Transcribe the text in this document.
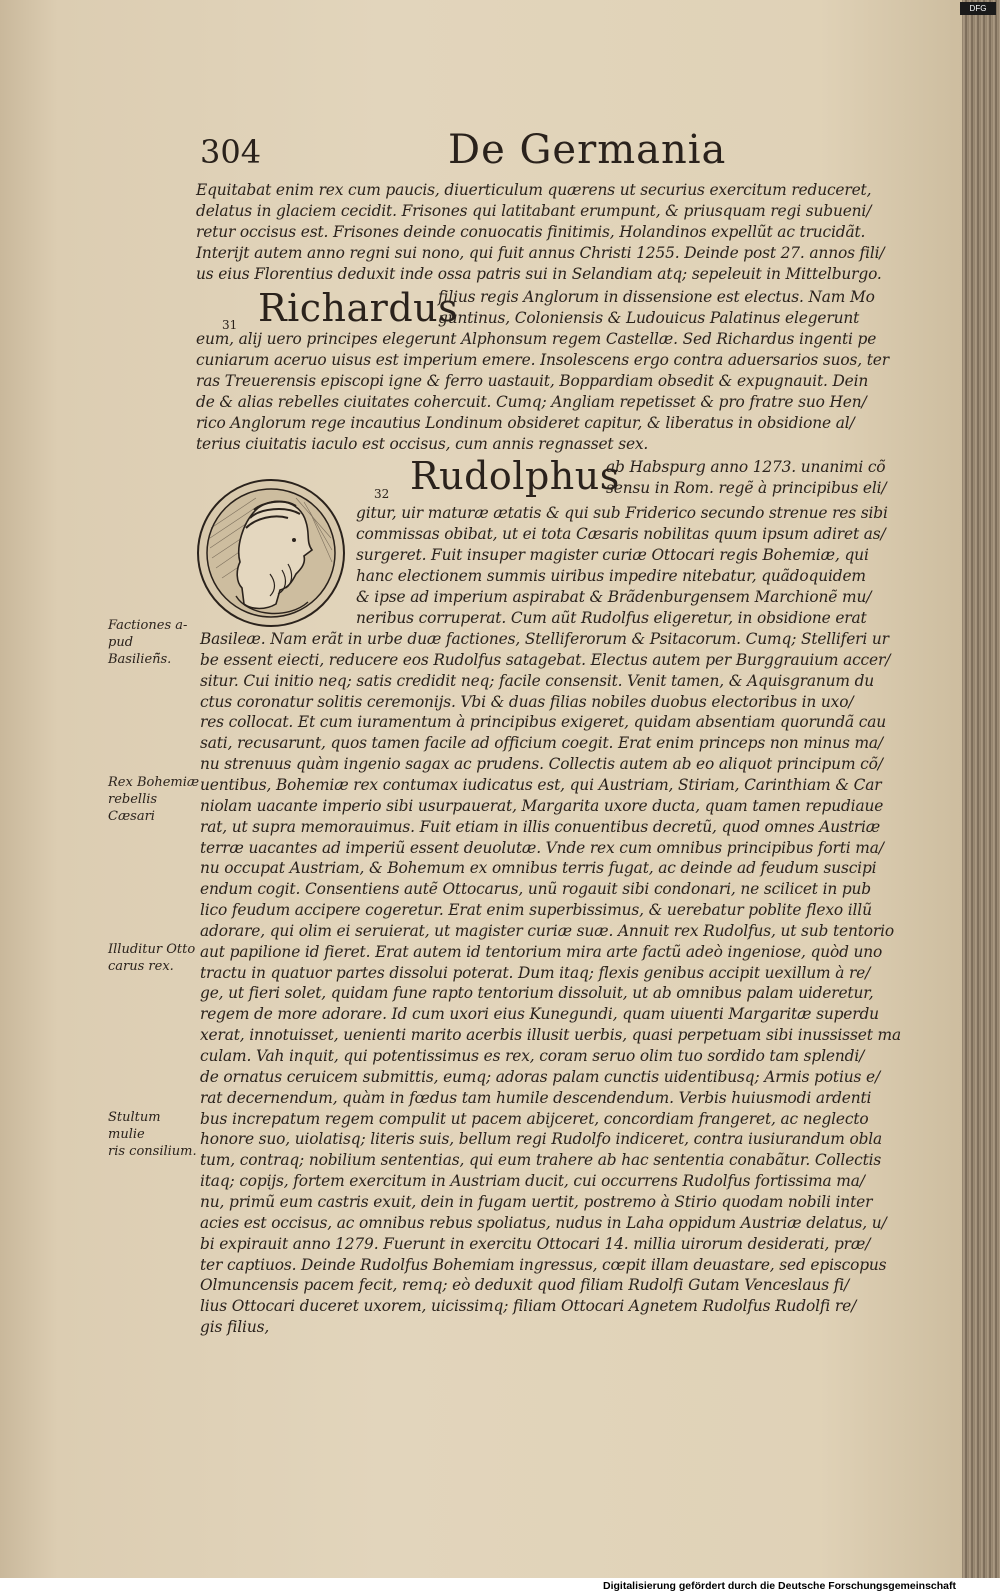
304	De Germania
Equitabat enim rex cum paucis, diuerticulum quærens ut securius exercitum reduceret,
delatus in glaciem cecidit. Frisones qui latitabant erumpunt, & priusquam regi subueni/
retur occisus est. Frisones deinde conuocatis finitimis, Holandinos expellũt ac trucidãt.
Interijt autem anno regni sui nono, qui fuit annus Christi 1255. Deinde post 27. annos fili/
us eius Florentius deduxit inde ossa patris sui in Selandiam atq; sepeleuit in Mittelburgo.
31 Richardus
filius regis Anglorum in dissensione est electus. Nam Mo
guntinus, Coloniensis & Ludouicus Palatinus elegerunt
eum, alij uero principes elegerunt Alphonsum regem Castellæ. Sed Richardus ingenti pe
cuniarum aceruo uisus est imperium emere. Insolescens ergo contra aduersarios suos, ter
ras Treuerensis episcopi igne & ferro uastauit, Boppardiam obsedit & expugnauit. Dein
de & alias rebelles ciuitates cohercuit. Cumq; Angliam repetisset & pro fratre suo Hen/
rico Anglorum rege incautius Londinum obsideret capitur, & liberatus in obsidione al/
terius ciuitatis iaculo est occisus, cum annis regnasset sex.
32 Rudolphus
ab Habspurg anno 1273. unanimi cõ
sensu in Rom. regẽ à principibus eli/
gitur, uir maturæ ætatis & qui sub Friderico secundo strenue res sibi
commissas obibat, ut ei tota Cæsaris nobilitas quum ipsum adiret as/
surgeret. Fuit insuper magister curiæ Ottocari regis Bohemiæ, qui
hanc electionem summis uiribus impedire nitebatur, quãdoquidem
& ipse ad imperium aspirabat & Brãdenburgensem Marchionẽ mu/
neribus corruperat. Cum aũt Rudolfus eligeretur, in obsidione erat
Basileæ. Nam erãt in urbe duæ factiones, Stelliferorum & Psitacorum. Cumq; Stelliferi ur
be essent eiecti, reducere eos Rudolfus satagebat. Electus autem per Burggrauium accer/
situr. Cui initio neq; satis credidit neq; facile consensit. Venit tamen, & Aquisgranum du
ctus coronatur solitis ceremonijs. Vbi & duas filias nobiles duobus electoribus in uxo/
res collocat. Et cum iuramentum à principibus exigeret, quidam absentiam quorundã cau
sati, recusarunt, quos tamen facile ad officium coegit. Erat enim princeps non minus ma/
nu strenuus quàm ingenio sagax ac prudens. Collectis autem ab eo aliquot principum cõ/
uentibus, Bohemiæ rex contumax iudicatus est, qui Austriam, Stiriam, Carinthiam & Car
niolam uacante imperio sibi usurpauerat, Margarita uxore ducta, quam tamen repudiaue
rat, ut supra memorauimus. Fuit etiam in illis conuentibus decretũ, quod omnes Austriæ
terræ uacantes ad imperiũ essent deuolutæ. Vnde rex cum omnibus principibus forti ma/
nu occupat Austriam, & Bohemum ex omnibus terris fugat, ac deinde ad feudum suscipi
endum cogit. Consentiens autẽ Ottocarus, unũ rogauit sibi condonari, ne scilicet in pub
lico feudum accipere cogeretur. Erat enim superbissimus, & uerebatur poblite flexo illũ
adorare, qui olim ei seruierat, ut magister curiæ suæ. Annuit rex Rudolfus, ut sub tentorio
aut papilione id fieret. Erat autem id tentorium mira arte factũ adeò ingeniose, quòd uno
tractu in quatuor partes dissolui poterat. Dum itaq; flexis genibus accipit uexillum à re/
ge, ut fieri solet, quidam fune rapto tentorium dissoluit, ut ab omnibus palam uideretur,
regem de more adorare. Id cum uxori eius Kunegundi, quam uiuenti Margaritæ superdu
xerat, innotuisset, uenienti marito acerbis illusit uerbis, quasi perpetuam sibi inussisset ma
culam. Vah inquit, qui potentissimus es rex, coram seruo olim tuo sordido tam splendi/
de ornatus ceruicem submittis, eumq; adoras palam cunctis uidentibusq; Armis potius e/
rat decernendum, quàm in fœdus tam humile descendendum. Verbis huiusmodi ardenti
bus increpatum regem compulit ut pacem abijceret, concordiam frangeret, ac neglecto
honore suo, uiolatisq; literis suis, bellum regi Rudolfo indiceret, contra iusiurandum obla
tum, contraq; nobilium sententias, qui eum trahere ab hac sententia conabãtur. Collectis
itaq; copijs, fortem exercitum in Austriam ducit, cui occurrens Rudolfus fortissima ma/
nu, primũ eum castris exuit, dein in fugam uertit, postremo à Stirio quodam nobili inter
acies est occisus, ac omnibus rebus spoliatus, nudus in Laha oppidum Austriæ delatus, u/
bi expirauit anno 1279. Fuerunt in exercitu Ottocari 14. millia uirorum desiderati, præ/
ter captiuos. Deinde Rudolfus Bohemiam ingressus, cœpit illam deuastare, sed episcopus
Olmuncensis pacem fecit, remq; eò deduxit quod filiam Rudolfi Gutam Venceslaus fi/
lius Ottocari duceret uxorem, uicissimq; filiam Ottocari Agnetem Rudolfus Rudolfi re/
gis filius,
Factiones a-
pud Basilieñ̃s.
Rex Bohemiæ
rebellis Cæsari
Illuditur Otto
carus rex.
Stultum mulie
ris consilium.
Digitalisierung gefördert durch die Deutsche Forschungsgemeinschaft
DFG
